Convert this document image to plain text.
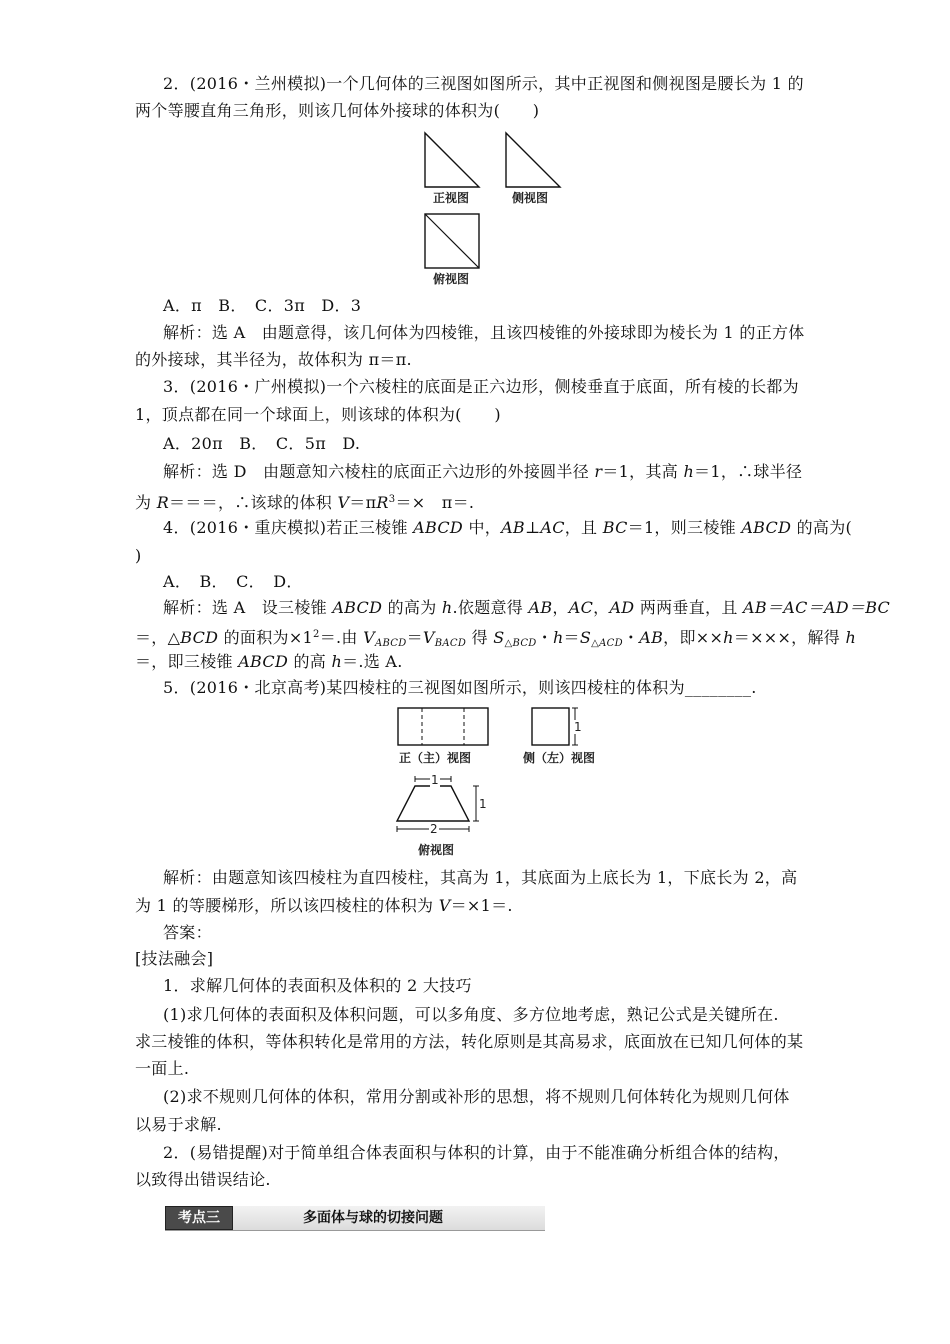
2．(2016・兰州模拟)一个几何体的三视图如图所示，其中正视图和侧视图是腰长为 1 的
两个等腰直角三角形，则该几何体外接球的体积为(　　)
正视图	侧视图
俯视图
A．π　B．　C．3π　D．3
解析：选 A　由题意得，该几何体为四棱锥，且该四棱锥的外接球即为棱长为 1 的正方体
的外接球，其半径为，故体积为 π＝π.
3．(2016・广州模拟)一个六棱柱的底面是正六边形，侧棱垂直于底面，所有棱的长都为
1，顶点都在同一个球面上，则该球的体积为(　　)
A．20π　B．　C．5π　D.
解析：选 D　由题意知六棱柱的底面正六边形的外接圆半径 r＝1，其高 h＝1，∴球半径
为 R＝＝＝，∴该球的体积 $V=\pi R^3=\times$　π＝.
4．(2016・重庆模拟)若正三棱锥 ABCD 中，AB⊥AC，且 BC＝1，则三棱锥 ABCD 的高为(
)
A．　B．　C．　D．
解析：选 A　设三棱锥 ABCD 的高为 h.依题意得 AB，AC，AD 两两垂直，且 AB＝AC＝AD＝BC
＝，△BCD 的面积为$\times 1^2=$.由 $V_{ABCD}=V_{BACD}$ 得 $S_{\triangle BCD}$・$h=S_{\triangle ACD}$・AB，即××h＝×××，解得 h
＝，即三棱锥 ABCD 的高 h＝.选 A.
5．(2016・北京高考)某四棱柱的三视图如图所示，则该四棱柱的体积为________.
1
1
1
2
正（主）视图	侧（左）视图
俯视图
解析：由题意知该四棱柱为直四棱柱，其高为 1，其底面为上底长为 1，下底长为 2，高
为 1 的等腰梯形，所以该四棱柱的体积为 V＝×1＝.
答案：
[技法融会]
1．求解几何体的表面积及体积的 2 大技巧
(1)求几何体的表面积及体积问题，可以多角度、多方位地考虑，熟记公式是关键所在.
求三棱锥的体积，等体积转化是常用的方法，转化原则是其高易求，底面放在已知几何体的某
一面上.
(2)求不规则几何体的体积，常用分割或补形的思想，将不规则几何体转化为规则几何体
以易于求解.
2．(易错提醒)对于简单组合体表面积与体积的计算，由于不能准确分析组合体的结构，
以致得出错误结论.
考点三	多面体与球的切接问题
